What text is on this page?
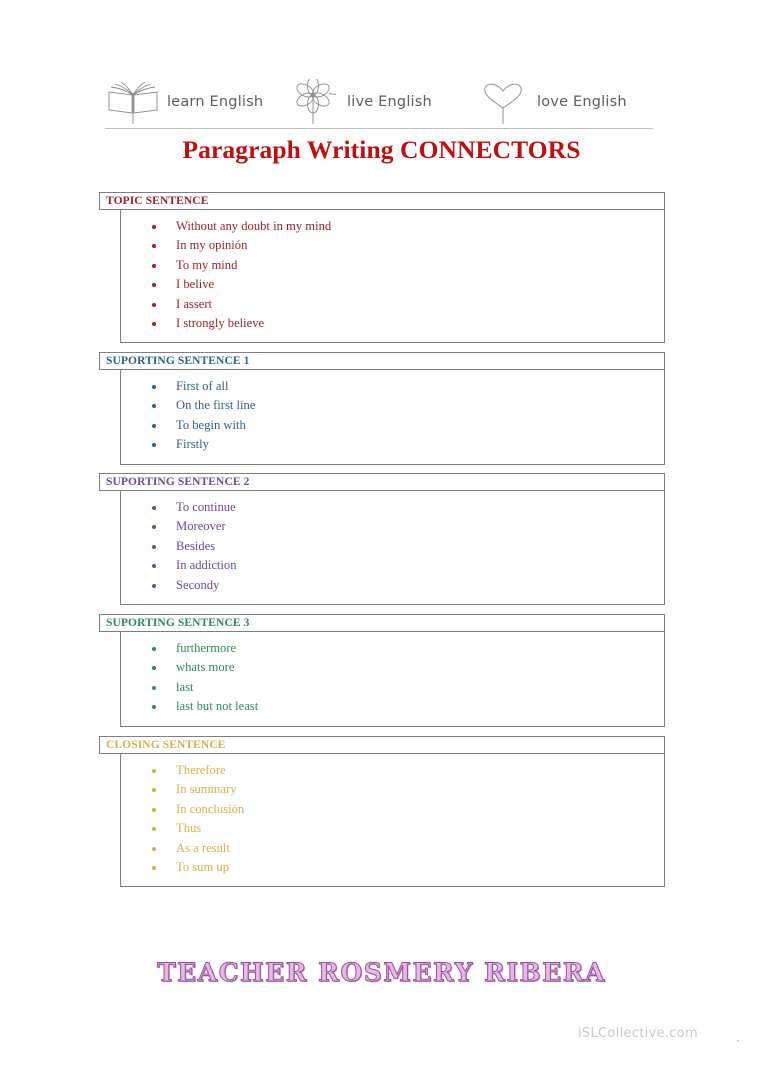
learn English	live English	love English
Paragraph Writing CONNECTORS
TOPIC SENTENCE
Without any doubt in my mind
In my opinión
To my mind
I belive
I assert
I strongly believe
SUPORTING SENTENCE 1
First of all
On the first line
To begin with
Firstly
SUPORTING SENTENCE 2
To continue
Moreover
Besides
In addiction
Secondy
SUPORTING SENTENCE 3
furthermore
whats more
last
last but not least
CLOSING SENTENCE
Therefore
In summary
In conclusión
Thus
As a result
To sum up
TEACHER ROSMERY RIBERA
iSLCollective.com
